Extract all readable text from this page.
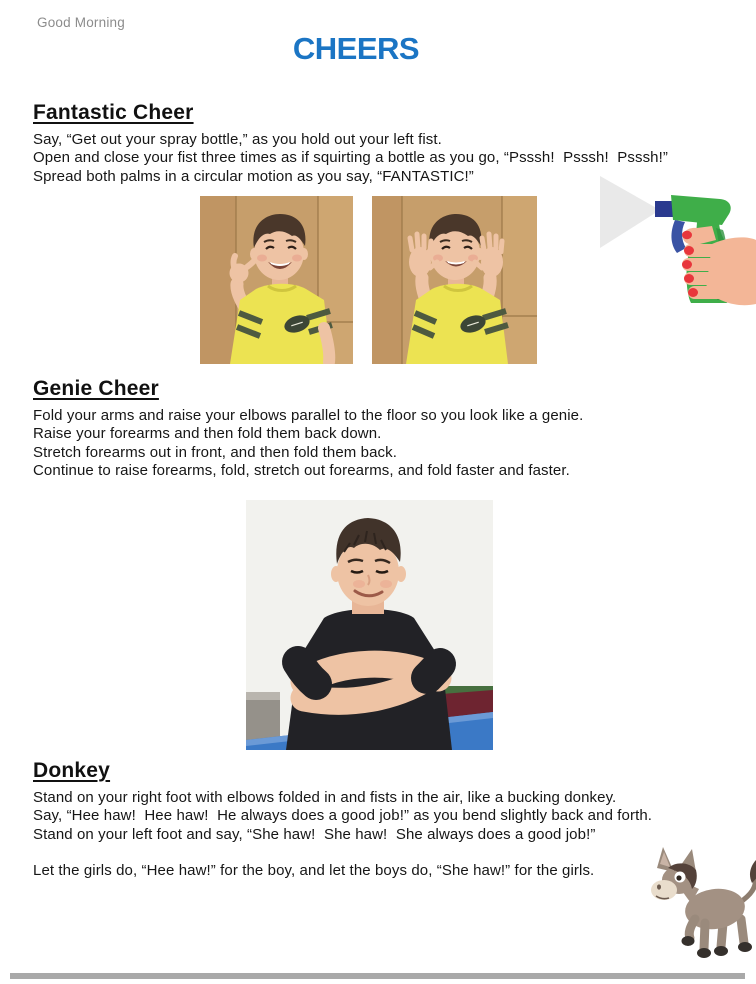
Good Morning
CHEERS
Fantastic Cheer
Say, “Get out your spray bottle,” as you hold out your left fist.
Open and close your fist three times as if squirting a bottle as you go, “Psssh!  Psssh!  Psssh!”
Spread both palms in a circular motion as you say, “FANTASTIC!”
Genie Cheer
Fold your arms and raise your elbows parallel to the floor so you look like a genie.
Raise your forearms and then fold them back down.
Stretch forearms out in front, and then fold them back.
Continue to raise forearms, fold, stretch out forearms, and fold faster and faster.
Donkey
Stand on your right foot with elbows folded in and fists in the air, like a bucking donkey.
Say, “Hee haw!  Hee haw!  He always does a good job!” as you bend slightly back and forth.
Stand on your left foot and say, “She haw!  She haw!  She always does a good job!”
Let the girls do, “Hee haw!” for the boy, and let the boys do, “She haw!” for the girls.
